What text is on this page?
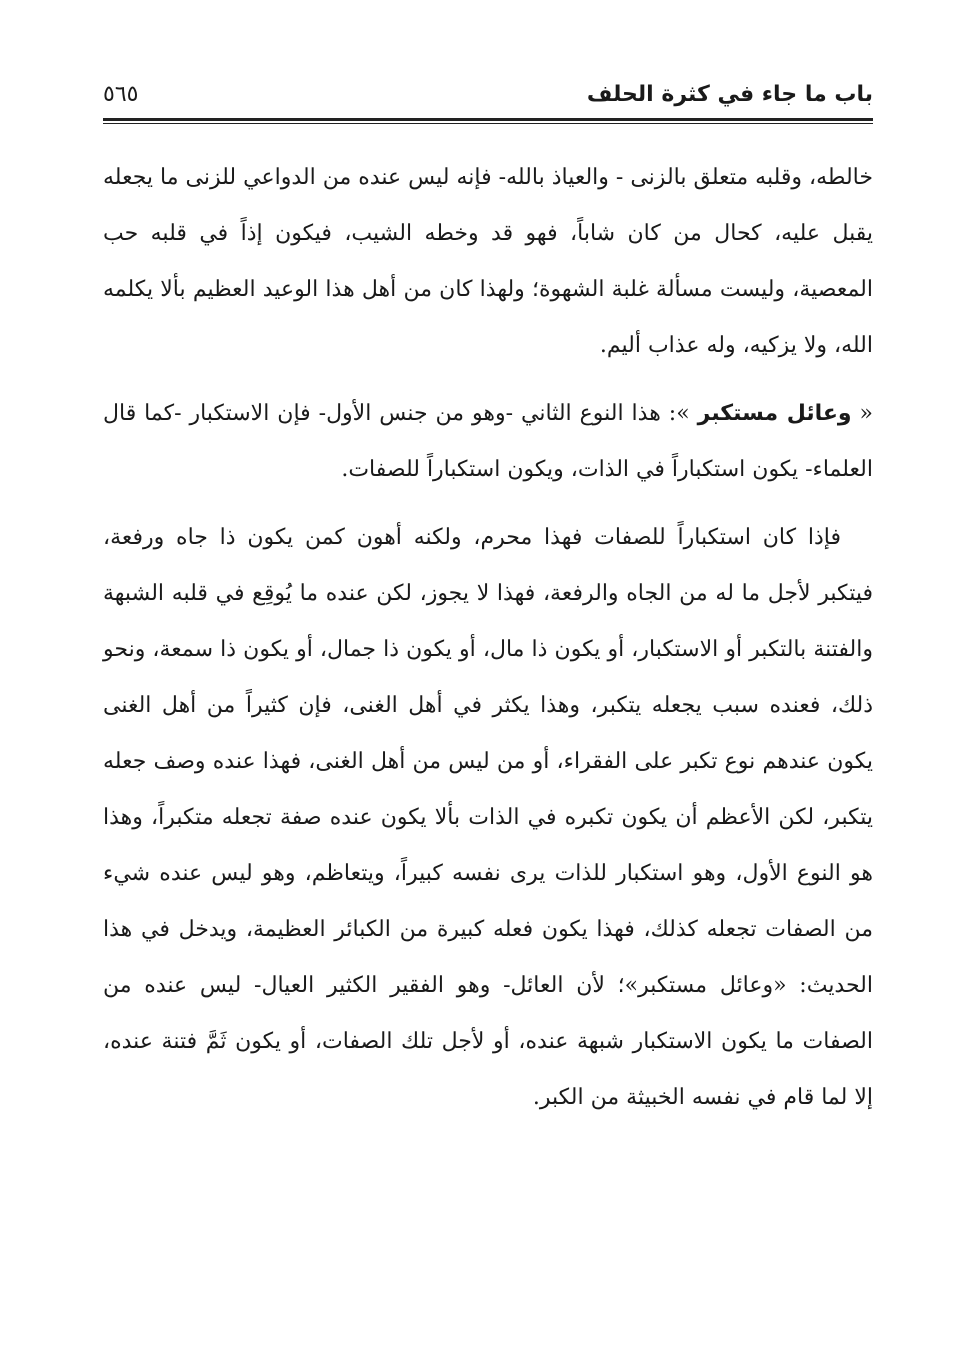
باب ما جاء في كثرة الحلف
٥٦٥

خالطه، وقلبه متعلق بالزنى - والعياذ بالله- فإنه ليس عنده من الدواعي للزنى ما يجعله يقبل عليه، كحال من كان شاباً، فهو قد وخطه الشيب، فيكون إذاً في قلبه حب المعصية، وليست مسألة غلبة الشهوة؛ ولهذا كان من أهل هذا الوعيد العظيم بألا يكلمه الله، ولا يزكيه، وله عذاب أليم.

« وعائل مستكبر »: هذا النوع الثاني -وهو من جنس الأول- فإن الاستكبار -كما قال العلماء- يكون استكباراً في الذات، ويكون استكباراً للصفات.

فإذا كان استكباراً للصفات فهذا محرم، ولكنه أهون كمن يكون ذا جاه ورفعة، فيتكبر لأجل ما له من الجاه والرفعة، فهذا لا يجوز، لكن عنده ما يُوقِع في قلبه الشبهة والفتنة بالتكبر أو الاستكبار، أو يكون ذا مال، أو يكون ذا جمال، أو يكون ذا سمعة، ونحو ذلك، فعنده سبب يجعله يتكبر، وهذا يكثر في أهل الغنى، فإن كثيراً من أهل الغنى يكون عندهم نوع تكبر على الفقراء، أو من ليس من أهل الغنى، فهذا عنده وصف جعله يتكبر، لكن الأعظم أن يكون تكبره في الذات بألا يكون عنده صفة تجعله متكبراً، وهذا هو النوع الأول، وهو استكبار للذات يرى نفسه كبيراً، ويتعاظم، وهو ليس عنده شيء من الصفات تجعله كذلك، فهذا يكون فعله كبيرة من الكبائر العظيمة، ويدخل في هذا الحديث: «وعائل مستكبر»؛ لأن العائل- وهو الفقير الكثير العيال- ليس عنده من الصفات ما يكون الاستكبار شبهة عنده، أو لأجل تلك الصفات، أو يكون ثَمَّ فتنة عنده، إلا لما قام في نفسه الخبيثة من الكبر.
